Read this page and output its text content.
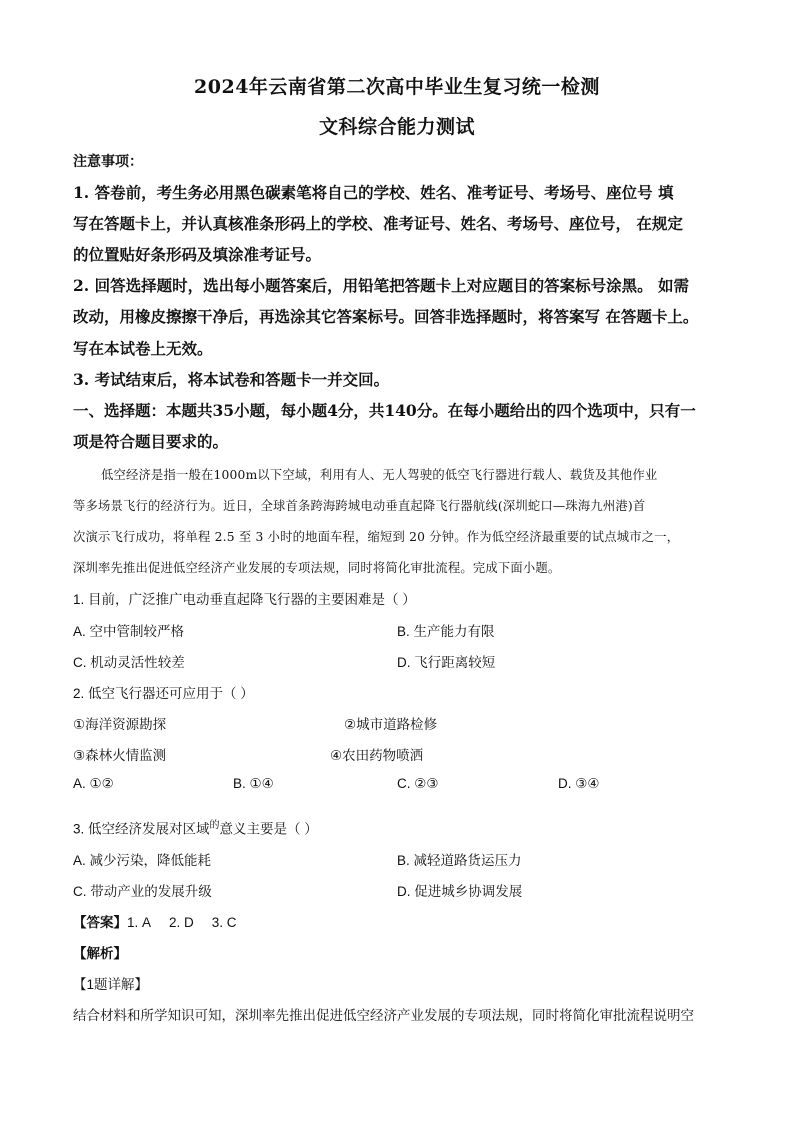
2024年云南省第二次高中毕业生复习统一检测
文科综合能力测试
注意事项：
1. 答卷前，考生务必用黑色碳素笔将自己的学校、姓名、准考证号、考场号、座位号 填
写在答题卡上，并认真核准条形码上的学校、准考证号、姓名、考场号、座位号， 在规定
的位置贴好条形码及填涂准考证号。
2. 回答选择题时，选出每小题答案后，用铅笔把答题卡上对应题目的答案标号涂黑。 如需
改动，用橡皮擦擦干净后，再选涂其它答案标号。回答非选择题时，将答案写 在答题卡上。
写在本试卷上无效。
3. 考试结束后，将本试卷和答题卡一并交回。
一、选择题：本题共35小题，每小题4分，共140分。在每小题给出的四个选项中，只有一
项是符合题目要求的。
低空经济是指一般在1000m以下空域，利用有人、无人驾驶的低空飞行器进行载人、载货及其他作业
等多场景飞行的经济行为。近日，全球首条跨海跨城电动垂直起降飞行器航线(深圳蛇口—珠海九州港)首
次演示飞行成功，将单程 2.5 至 3 小时的地面车程，缩短到 20 分钟。作为低空经济最重要的试点城市之一，
深圳率先推出促进低空经济产业发展的专项法规，同时将简化审批流程。完成下面小题。
1. 目前，广泛推广电动垂直起降飞行器的主要困难是（ ）
A. 空中管制较严格	B. 生产能力有限
C. 机动灵活性较差	D. 飞行距离较短
2. 低空飞行器还可应用于（ ）
①海洋资源勘探	②城市道路检修
③森林火情监测	④农田药物喷洒
A. ①②	B. ①④	C. ②③	D. ③④
3. 低空经济发展对区域$^的$意义主要是（ ）
A. 减少污染，降低能耗	B. 减轻道路货运压力
C. 带动产业的发展升级	D. 促进城乡协调发展
【答案】1. A 2. D 3. C
【解析】
【1题详解】
结合材料和所学知识可知，深圳率先推出促进低空经济产业发展的专项法规，同时将简化审批流程说明空
